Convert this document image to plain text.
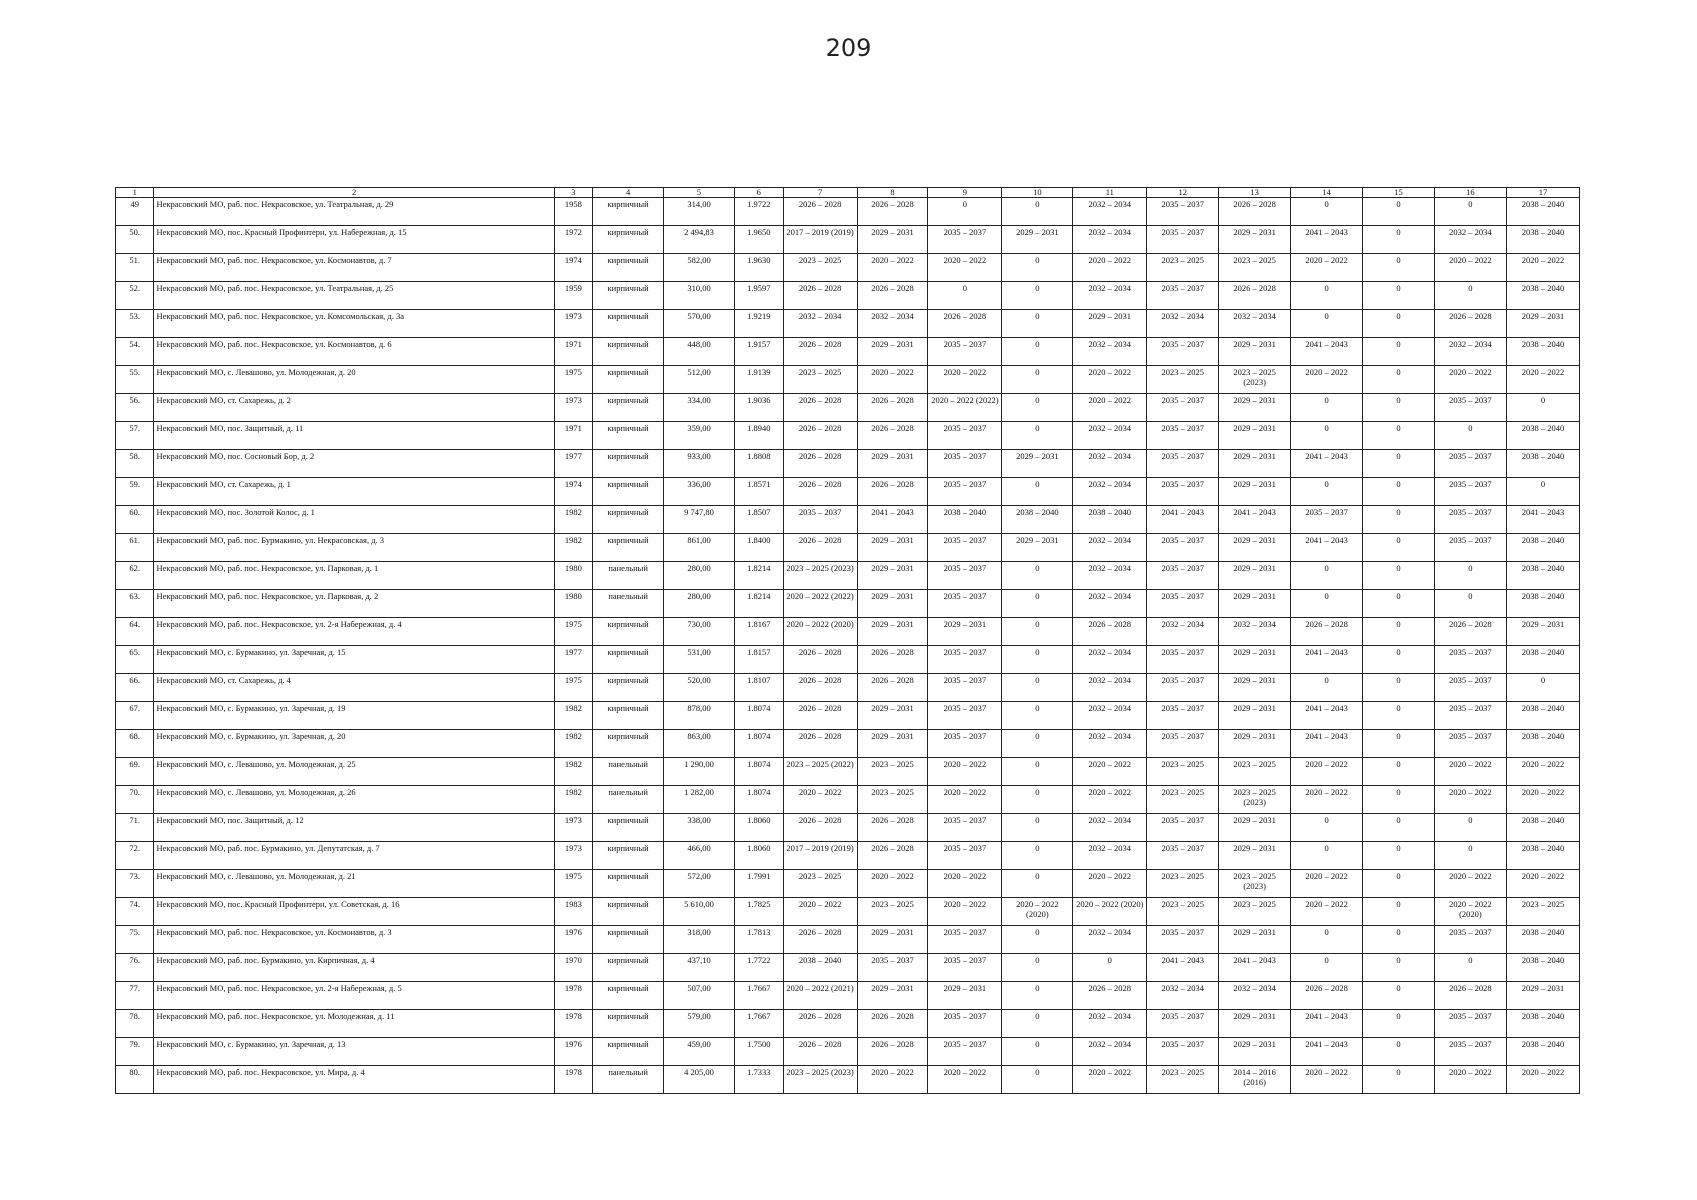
209
1	2	3	4	5	6	7	8	9	10	11	12	13	14	15	16	17
49	Некрасовский МО, раб. пос. Некрасовское, ул. Театральная, д. 29	1958	кирпичный	314,00	1.9722	2026 – 2028	2026 – 2028	0	0	2032 – 2034	2035 – 2037	2026 – 2028	0	0	0	2038 – 2040
50.	Некрасовский МО, пос. Красный Профинтерн, ул. Набережная, д. 15	1972	кирпичный	2 494,83	1.9650	2017 – 2019 (2019)	2029 – 2031	2035 – 2037	2029 – 2031	2032 – 2034	2035 – 2037	2029 – 2031	2041 – 2043	0	2032 – 2034	2038 – 2040
51.	Некрасовский МО, раб. пос. Некрасовское, ул. Космонавтов, д. 7	1974	кирпичный	582,00	1.9630	2023 – 2025	2020 – 2022	2020 – 2022	0	2020 – 2022	2023 – 2025	2023 – 2025	2020 – 2022	0	2020 – 2022	2020 – 2022
52.	Некрасовский МО, раб. пос. Некрасовское, ул. Театральная, д. 25	1959	кирпичный	310,00	1.9597	2026 – 2028	2026 – 2028	0	0	2032 – 2034	2035 – 2037	2026 – 2028	0	0	0	2038 – 2040
53.	Некрасовский МО, раб. пос. Некрасовское, ул. Комсомольская, д. 3а	1973	кирпичный	570,00	1.9219	2032 – 2034	2032 – 2034	2026 – 2028	0	2029 – 2031	2032 – 2034	2032 – 2034	0	0	2026 – 2028	2029 – 2031
54.	Некрасовский МО, раб. пос. Некрасовское, ул. Космонавтов, д. 6	1971	кирпичный	448,00	1.9157	2026 – 2028	2029 – 2031	2035 – 2037	0	2032 – 2034	2035 – 2037	2029 – 2031	2041 – 2043	0	2032 – 2034	2038 – 2040
55.	Некрасовский МО, с. Левашово, ул. Молодежная, д. 20	1975	кирпичный	512,00	1.9139	2023 – 2025	2020 – 2022	2020 – 2022	0	2020 – 2022	2023 – 2025	2023 – 2025 (2023)	2020 – 2022	0	2020 – 2022	2020 – 2022
56.	Некрасовский МО, ст. Сахарежь, д. 2	1973	кирпичный	334,00	1.9036	2026 – 2028	2026 – 2028	2020 – 2022 (2022)	0	2020 – 2022	2035 – 2037	2029 – 2031	0	0	2035 – 2037	0
57.	Некрасовский МО, пос. Защитный, д. 11	1971	кирпичный	359,00	1.8940	2026 – 2028	2026 – 2028	2035 – 2037	0	2032 – 2034	2035 – 2037	2029 – 2031	0	0	0	2038 – 2040
58.	Некрасовский МО, пос. Сосновый Бор, д. 2	1977	кирпичный	933,00	1.8808	2026 – 2028	2029 – 2031	2035 – 2037	2029 – 2031	2032 – 2034	2035 – 2037	2029 – 2031	2041 – 2043	0	2035 – 2037	2038 – 2040
59.	Некрасовский МО, ст. Сахарежь, д. 1	1974	кирпичный	336,00	1.8571	2026 – 2028	2026 – 2028	2035 – 2037	0	2032 – 2034	2035 – 2037	2029 – 2031	0	0	2035 – 2037	0
60.	Некрасовский МО, пос. Золотой Колос, д. 1	1982	кирпичный	9 747,80	1.8507	2035 – 2037	2041 – 2043	2038 – 2040	2038 – 2040	2038 – 2040	2041 – 2043	2041 – 2043	2035 – 2037	0	2035 – 2037	2041 – 2043
61.	Некрасовский МО, раб. пос. Бурмакино, ул. Некрасовская, д. 3	1982	кирпичный	861,00	1.8400	2026 – 2028	2029 – 2031	2035 – 2037	2029 – 2031	2032 – 2034	2035 – 2037	2029 – 2031	2041 – 2043	0	2035 – 2037	2038 – 2040
62.	Некрасовский МО, раб. пос. Некрасовское, ул. Парковая, д. 1	1980	панельный	280,00	1.8214	2023 – 2025 (2023)	2029 – 2031	2035 – 2037	0	2032 – 2034	2035 – 2037	2029 – 2031	0	0	0	2038 – 2040
63.	Некрасовский МО, раб. пос. Некрасовское, ул. Парковая, д. 2	1980	панельный	280,00	1.8214	2020 – 2022 (2022)	2029 – 2031	2035 – 2037	0	2032 – 2034	2035 – 2037	2029 – 2031	0	0	0	2038 – 2040
64.	Некрасовский МО, раб. пос. Некрасовское, ул. 2-я Набережная, д. 4	1975	кирпичный	730,00	1.8167	2020 – 2022 (2020)	2029 – 2031	2029 – 2031	0	2026 – 2028	2032 – 2034	2032 – 2034	2026 – 2028	0	2026 – 2028	2029 – 2031
65.	Некрасовский МО, с. Бурмакино, ул. Заречная, д. 15	1977	кирпичный	531,00	1.8157	2026 – 2028	2026 – 2028	2035 – 2037	0	2032 – 2034	2035 – 2037	2029 – 2031	2041 – 2043	0	2035 – 2037	2038 – 2040
66.	Некрасовский МО, ст. Сахарежь, д. 4	1975	кирпичный	520,00	1.8107	2026 – 2028	2026 – 2028	2035 – 2037	0	2032 – 2034	2035 – 2037	2029 – 2031	0	0	2035 – 2037	0
67.	Некрасовский МО, с. Бурмакино, ул. Заречная, д. 19	1982	кирпичный	878,00	1.8074	2026 – 2028	2029 – 2031	2035 – 2037	0	2032 – 2034	2035 – 2037	2029 – 2031	2041 – 2043	0	2035 – 2037	2038 – 2040
68.	Некрасовский МО, с. Бурмакино, ул. Заречная, д. 20	1982	кирпичный	863,00	1.8074	2026 – 2028	2029 – 2031	2035 – 2037	0	2032 – 2034	2035 – 2037	2029 – 2031	2041 – 2043	0	2035 – 2037	2038 – 2040
69.	Некрасовский МО, с. Левашово, ул. Молодежная, д. 25	1982	панельный	1 290,00	1.8074	2023 – 2025 (2022)	2023 – 2025	2020 – 2022	0	2020 – 2022	2023 – 2025	2023 – 2025	2020 – 2022	0	2020 – 2022	2020 – 2022
70.	Некрасовский МО, с. Левашово, ул. Молодежная, д. 26	1982	панельный	1 282,00	1.8074	2020 – 2022	2023 – 2025	2020 – 2022	0	2020 – 2022	2023 – 2025	2023 – 2025 (2023)	2020 – 2022	0	2020 – 2022	2020 – 2022
71.	Некрасовский МО, пос. Защитный, д. 12	1973	кирпичный	338,00	1.8060	2026 – 2028	2026 – 2028	2035 – 2037	0	2032 – 2034	2035 – 2037	2029 – 2031	0	0	0	2038 – 2040
72.	Некрасовский МО, раб. пос. Бурмакино, ул. Депутатская, д. 7	1973	кирпичный	466,00	1.8060	2017 – 2019 (2019)	2026 – 2028	2035 – 2037	0	2032 – 2034	2035 – 2037	2029 – 2031	0	0	0	2038 – 2040
73.	Некрасовский МО, с. Левашово, ул. Молодежная, д. 21	1975	кирпичный	572,00	1.7991	2023 – 2025	2020 – 2022	2020 – 2022	0	2020 – 2022	2023 – 2025	2023 – 2025 (2023)	2020 – 2022	0	2020 – 2022	2020 – 2022
74.	Некрасовский МО, пос. Красный Профинтерн, ул. Советская, д. 16	1983	кирпичный	5 610,00	1.7825	2020 – 2022	2023 – 2025	2020 – 2022	2020 – 2022 (2020)	2020 – 2022 (2020)	2023 – 2025	2023 – 2025	2020 – 2022	0	2020 – 2022 (2020)	2023 – 2025
75.	Некрасовский МО, раб. пос. Некрасовское, ул. Космонавтов, д. 3	1976	кирпичный	318,00	1.7813	2026 – 2028	2029 – 2031	2035 – 2037	0	2032 – 2034	2035 – 2037	2029 – 2031	0	0	2035 – 2037	2038 – 2040
76.	Некрасовский МО, раб. пос. Бурмакино, ул. Кирпичная, д. 4	1970	кирпичный	437,10	1.7722	2038 – 2040	2035 – 2037	2035 – 2037	0	0	2041 – 2043	2041 – 2043	0	0	0	2038 – 2040
77.	Некрасовский МО, раб. пос. Некрасовское, ул. 2-я Набережная, д. 5	1978	кирпичный	507,00	1.7667	2020 – 2022 (2021)	2029 – 2031	2029 – 2031	0	2026 – 2028	2032 – 2034	2032 – 2034	2026 – 2028	0	2026 – 2028	2029 – 2031
78.	Некрасовский МО, раб. пос. Некрасовское, ул. Молодежная, д. 11	1978	кирпичный	579,00	1.7667	2026 – 2028	2026 – 2028	2035 – 2037	0	2032 – 2034	2035 – 2037	2029 – 2031	2041 – 2043	0	2035 – 2037	2038 – 2040
79.	Некрасовский МО, с. Бурмакино, ул. Заречная, д. 13	1976	кирпичный	459,00	1.7500	2026 – 2028	2026 – 2028	2035 – 2037	0	2032 – 2034	2035 – 2037	2029 – 2031	2041 – 2043	0	2035 – 2037	2038 – 2040
80.	Некрасовский МО, раб. пос. Некрасовское, ул. Мира, д. 4	1978	панельный	4 205,00	1.7333	2023 – 2025 (2023)	2020 – 2022	2020 – 2022	0	2020 – 2022	2023 – 2025	2014 – 2016 (2016)	2020 – 2022	0	2020 – 2022	2020 – 2022
